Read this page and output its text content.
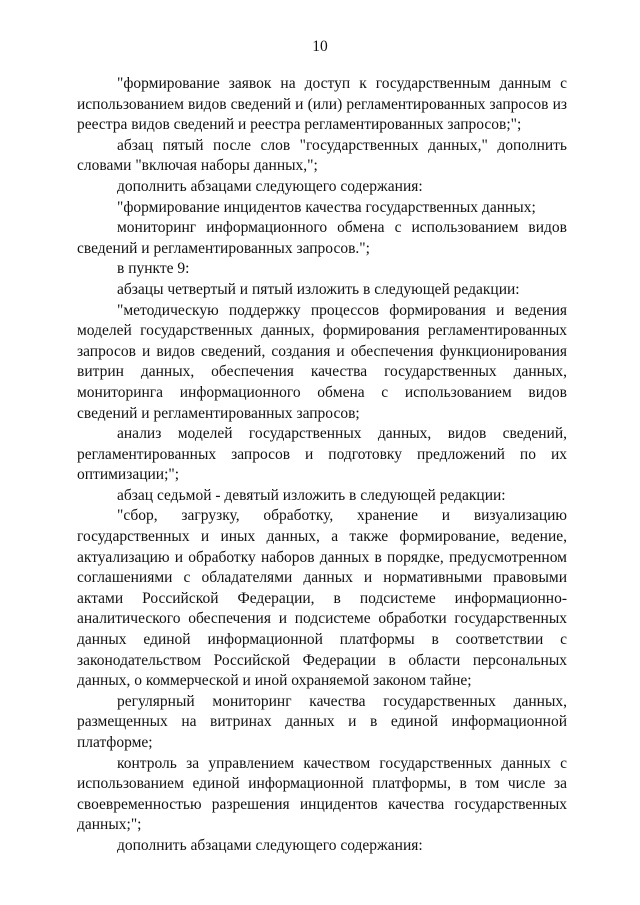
10

"формирование заявок на доступ к государственным данным с использованием видов сведений и (или) регламентированных запросов из реестра видов сведений и реестра регламентированных запросов;";

абзац пятый после слов "государственных данных," дополнить словами "включая наборы данных,";

дополнить абзацами следующего содержания:

"формирование инцидентов качества государственных данных;

мониторинг информационного обмена с использованием видов сведений и регламентированных запросов.";

в пункте 9:

абзацы четвертый и пятый изложить в следующей редакции:

"методическую поддержку процессов формирования и ведения моделей государственных данных, формирования регламентированных запросов и видов сведений, создания и обеспечения функционирования витрин данных, обеспечения качества государственных данных, мониторинга информационного обмена с использованием видов сведений и регламентированных запросов;

анализ моделей государственных данных, видов сведений, регламентированных запросов и подготовку предложений по их оптимизации;";

абзац седьмой - девятый изложить в следующей редакции:

"сбор, загрузку, обработку, хранение и визуализацию государственных и иных данных, а также формирование, ведение, актуализацию и обработку наборов данных в порядке, предусмотренном соглашениями с обладателями данных и нормативными правовыми актами Российской Федерации, в подсистеме информационно-аналитического обеспечения и подсистеме обработки государственных данных единой информационной платформы в соответствии с законодательством Российской Федерации в области персональных данных, о коммерческой и иной охраняемой законом тайне;

регулярный мониторинг качества государственных данных, размещенных на витринах данных и в единой информационной платформе;

контроль за управлением качеством государственных данных с использованием единой информационной платформы, в том числе за своевременностью разрешения инцидентов качества государственных данных;";

дополнить абзацами следующего содержания:
